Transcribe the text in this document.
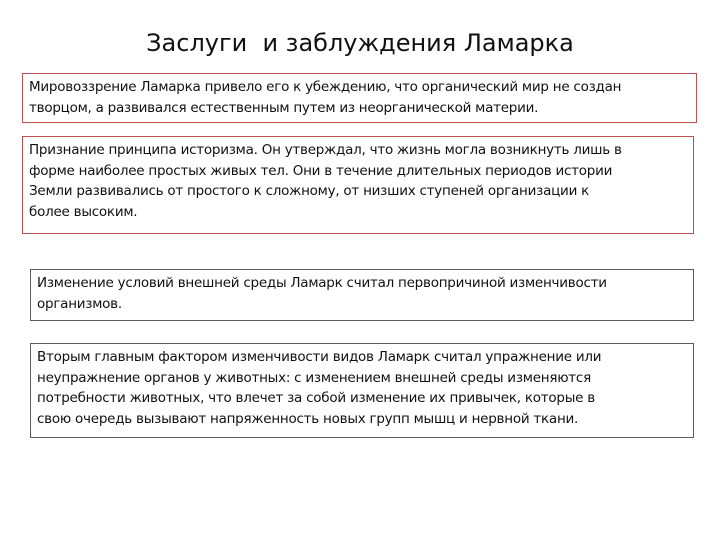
Заслуги  и заблуждения Ламарка
Мировоззрение Ламарка привело его к убеждению, что органический мир не создан
творцом, а развивался естественным путем из неорганической материи.
Признание принципа историзма. Он утверждал, что жизнь могла возникнуть лишь в
форме наиболее простых живых тел. Они в течение длительных периодов истории
Земли развивались от простого к сложному, от низших ступеней организации к
более высоким.
Изменение условий внешней среды Ламарк считал первопричиной изменчивости
организмов.
Вторым главным фактором изменчивости видов Ламарк считал упражнение или
неупражнение органов у животных: с изменением внешней среды изменяются
потребности животных, что влечет за собой изменение их привычек, которые в
свою очередь вызывают напряженность новых групп мышц и нервной ткани.
